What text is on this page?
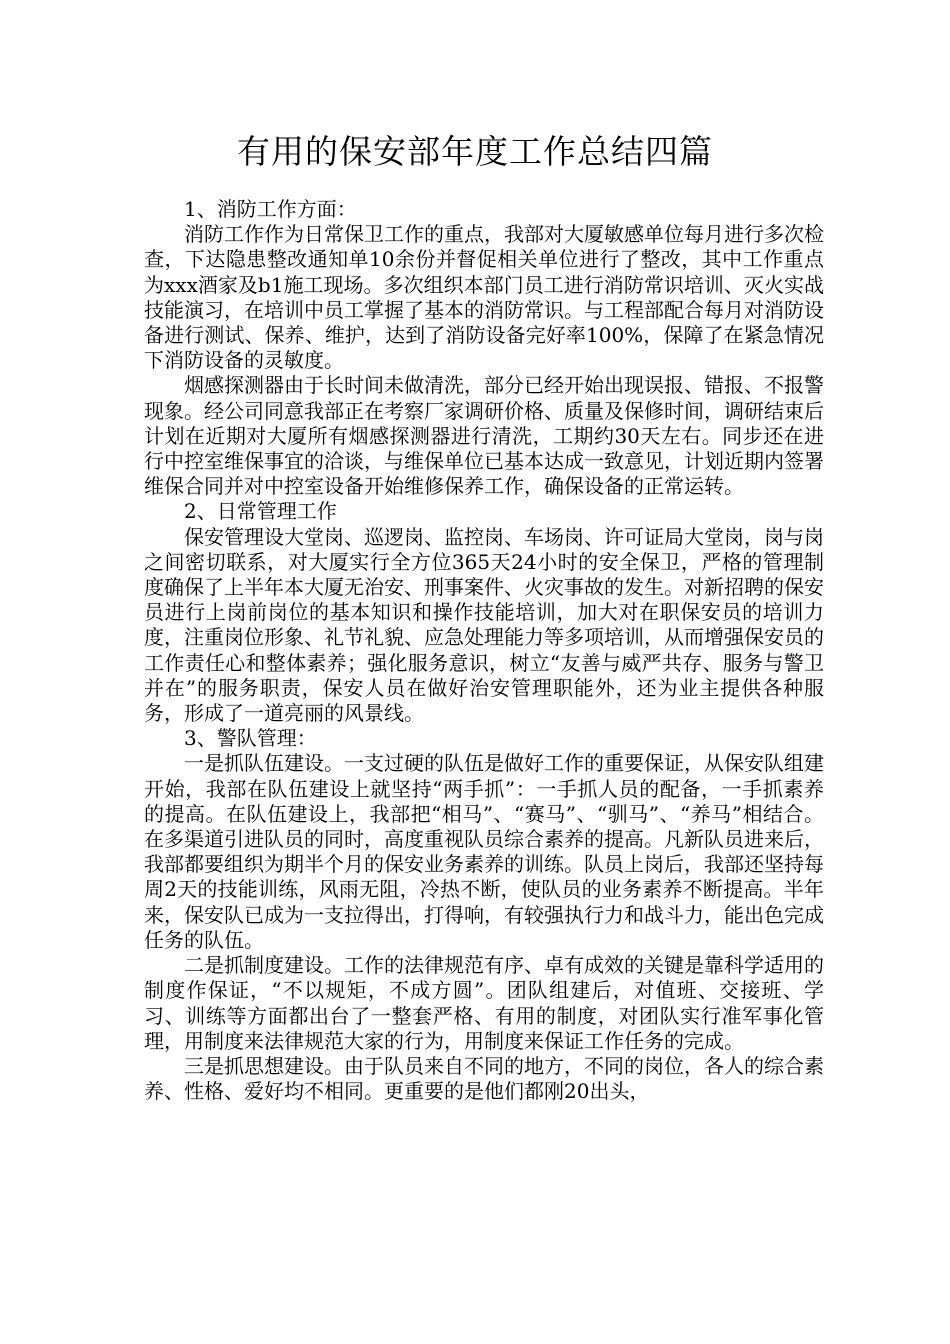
有用的保安部年度工作总结四篇

1、消防工作方面：

消防工作作为日常保卫工作的重点，我部对大厦敏感单位每月进行多次检查，下达隐患整改通知单10余份并督促相关单位进行了整改，其中工作重点为xxx酒家及b1施工现场。多次组织本部门员工进行消防常识培训、灭火实战技能演习，在培训中员工掌握了基本的消防常识。与工程部配合每月对消防设备进行测试、保养、维护，达到了消防设备完好率100%，保障了在紧急情况下消防设备的灵敏度。

烟感探测器由于长时间未做清洗，部分已经开始出现误报、错报、不报警现象。经公司同意我部正在考察厂家调研价格、质量及保修时间，调研结束后计划在近期对大厦所有烟感探测器进行清洗，工期约30天左右。同步还在进行中控室维保事宜的洽谈，与维保单位已基本达成一致意见，计划近期内签署维保合同并对中控室设备开始维修保养工作，确保设备的正常运转。

2、日常管理工作

保安管理设大堂岗、巡逻岗、监控岗、车场岗、许可证局大堂岗，岗与岗之间密切联系，对大厦实行全方位365天24小时的安全保卫，严格的管理制度确保了上半年本大厦无治安、刑事案件、火灾事故的发生。对新招聘的保安员进行上岗前岗位的基本知识和操作技能培训，加大对在职保安员的培训力度，注重岗位形象、礼节礼貌、应急处理能力等多项培训，从而增强保安员的工作责任心和整体素养；强化服务意识，树立“友善与威严共存、服务与警卫并在”的服务职责，保安人员在做好治安管理职能外，还为业主提供各种服务，形成了一道亮丽的风景线。

3、警队管理：

一是抓队伍建设。一支过硬的队伍是做好工作的重要保证，从保安队组建开始，我部在队伍建设上就坚持“两手抓”：一手抓人员的配备，一手抓素养的提高。在队伍建设上，我部把“相马”、“赛马”、“驯马”、“养马”相结合。在多渠道引进队员的同时，高度重视队员综合素养的提高。凡新队员进来后，我部都要组织为期半个月的保安业务素养的训练。队员上岗后，我部还坚持每周2天的技能训练，风雨无阻，冷热不断，使队员的业务素养不断提高。半年来，保安队已成为一支拉得出，打得响，有较强执行力和战斗力，能出色完成任务的队伍。

二是抓制度建设。工作的法律规范有序、卓有成效的关键是靠科学适用的制度作保证，“不以规矩，不成方圆”。团队组建后，对值班、交接班、学习、训练等方面都出台了一整套严格、有用的制度，对团队实行准军事化管理，用制度来法律规范大家的行为，用制度来保证工作任务的完成。

三是抓思想建设。由于队员来自不同的地方，不同的岗位，各人的综合素养、性格、爱好均不相同。更重要的是他们都刚20出头，
